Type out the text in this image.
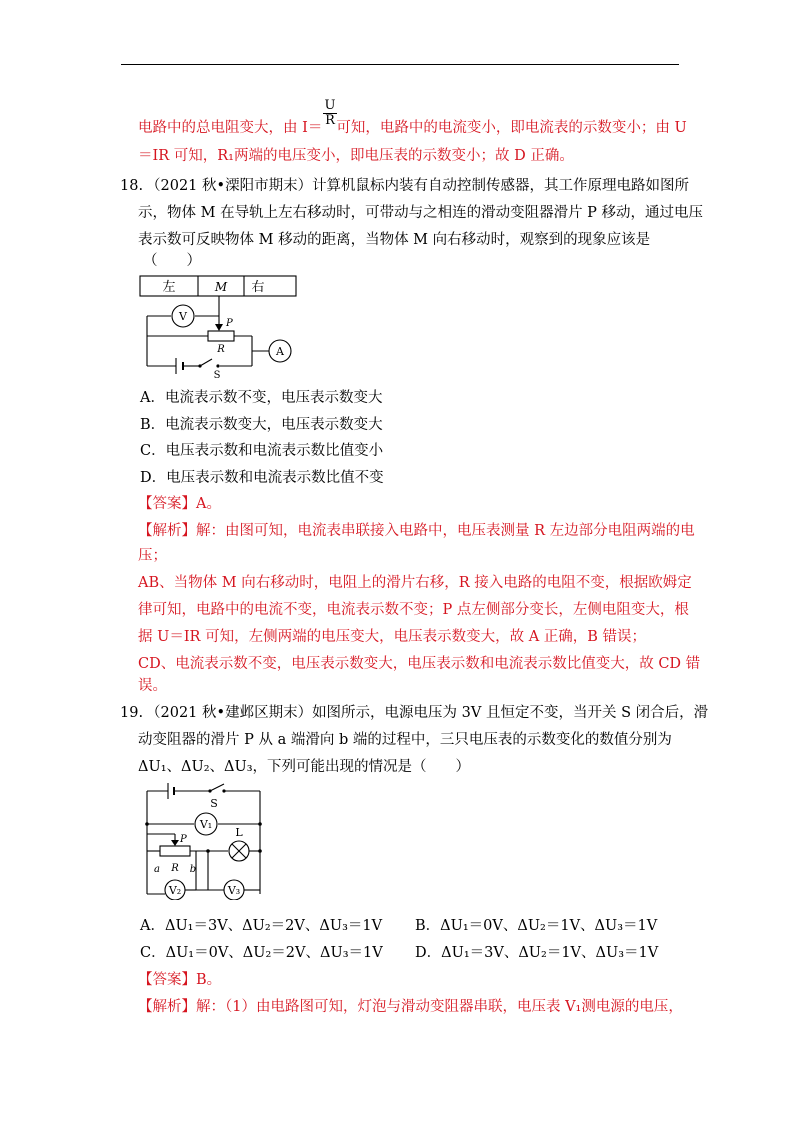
$\frac{U}{R}$
电路中的总电阻变大，由 I＝ 可知，电路中的电流变小，即电流表的示数变小；由 U
＝IR 可知，R₁两端的电压变小，即电压表的示数变小；故 D 正确。
18. （2021 秋•溧阳市期末）计算机鼠标内装有自动控制传感器，其工作原理电路如图所
示，物体 M 在导轨上左右移动时，可带动与之相连的滑动变阻器滑片 P 移动，通过电压
表示数可反映物体 M 移动的距离，当物体 M 向右移动时，观察到的现象应该是
（　　）
左	M 右
V
A
P
R
S
A．电流表示数不变，电压表示数变大
B．电流表示数变大，电压表示数变大
C．电压表示数和电流表示数比值变小
D．电压表示数和电流表示数比值不变
【答案】A。
【解析】解：由图可知，电流表串联接入电路中，电压表测量 R 左边部分电阻两端的电
压；
AB、当物体 M 向右移动时，电阻上的滑片右移，R 接入电路的电阻不变，根据欧姆定
律可知，电路中的电流不变，电流表示数不变；P 点左侧部分变长，左侧电阻变大，根
据 U＝IR 可知，左侧两端的电压变大，电压表示数变大，故 A 正确，B 错误；
CD、电流表示数不变，电压表示数变大，电压表示数和电流表示数比值变大，故 CD 错
误。
19. （2021 秋•建邺区期末）如图所示，电源电压为 3V 且恒定不变，当开关 S 闭合后，滑
动变阻器的滑片 P 从 a 端滑向 b 端的过程中，三只电压表的示数变化的数值分别为
ΔU₁、ΔU₂、ΔU₃，下列可能出现的情况是（　　）
S
V₁
L
P
R
a	b
V₂	V₃
A．ΔU₁＝3V、ΔU₂＝2V、ΔU₃＝1V B．ΔU₁＝0V、ΔU₂＝1V、ΔU₃＝1V
C．ΔU₁＝0V、ΔU₂＝2V、ΔU₃＝1V D．ΔU₁＝3V、ΔU₂＝1V、ΔU₃＝1V
【答案】B。
【解析】解：（1）由电路图可知，灯泡与滑动变阻器串联，电压表 V₁测电源的电压，
